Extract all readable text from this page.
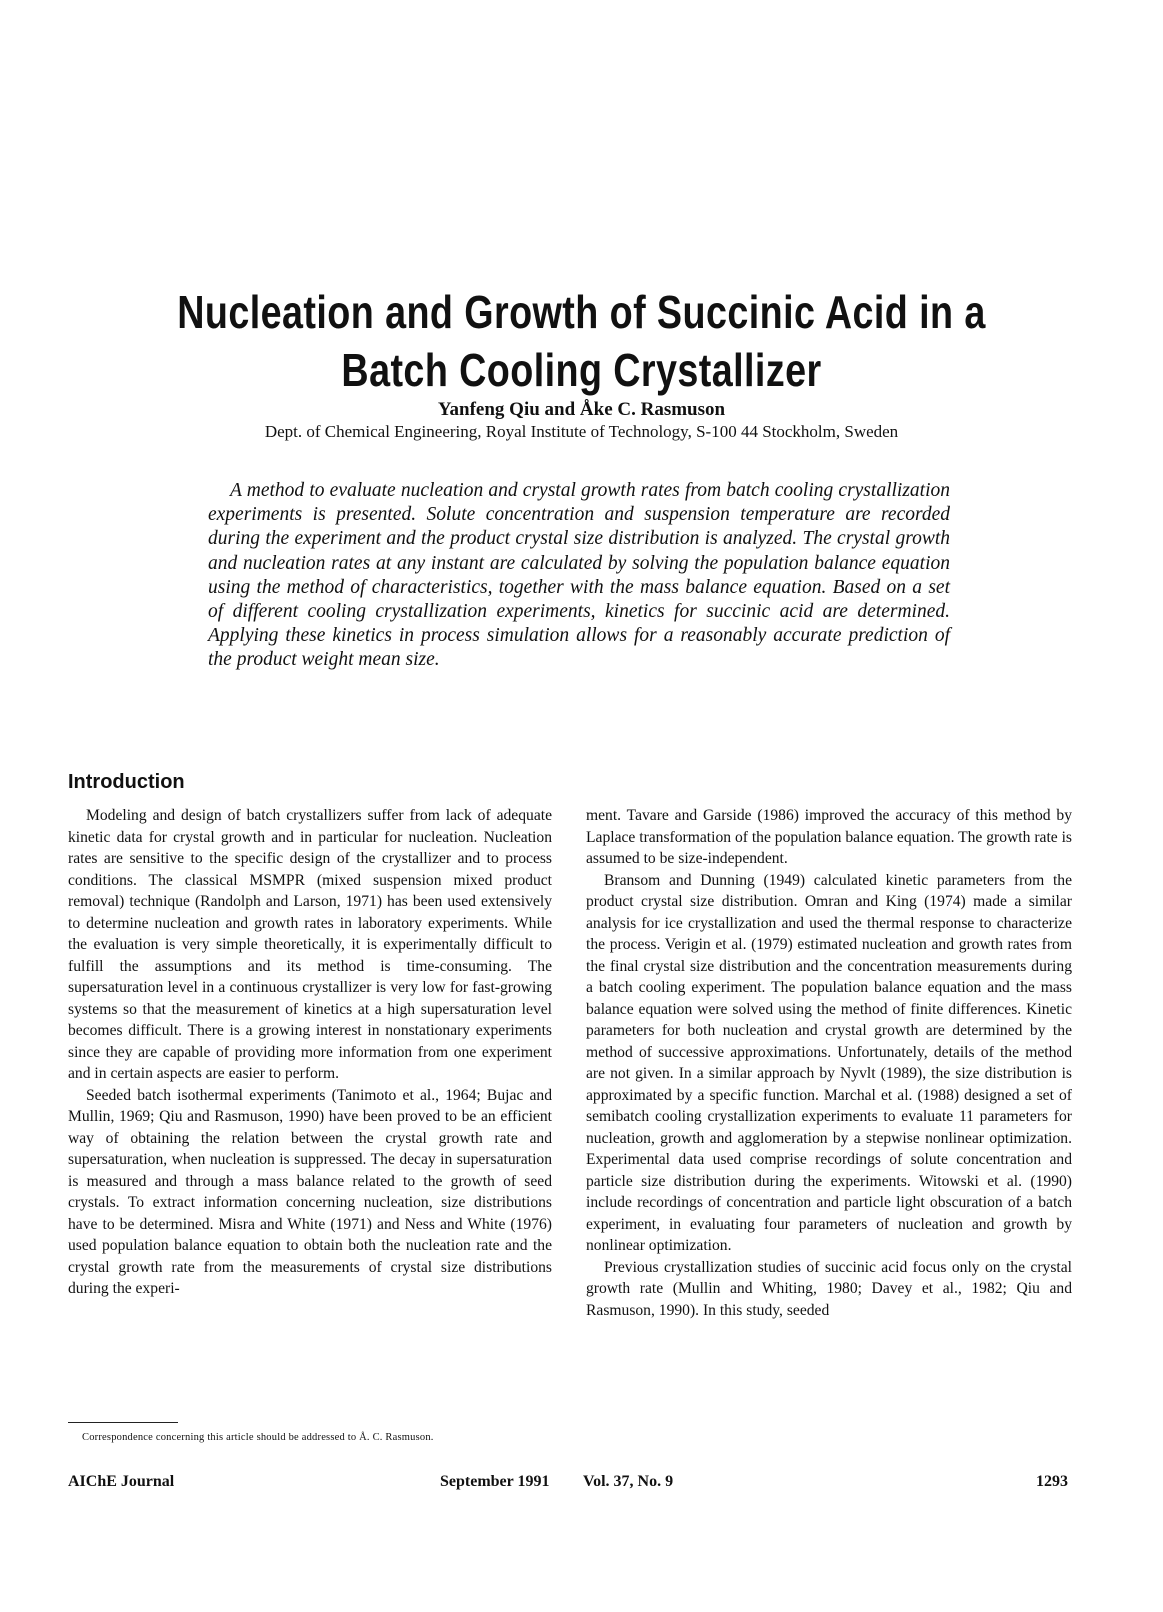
Nucleation and Growth of Succinic Acid in a
Batch Cooling Crystallizer
Yanfeng Qiu and Åke C. Rasmuson
Dept. of Chemical Engineering, Royal Institute of Technology, S-100 44 Stockholm, Sweden
A method to evaluate nucleation and crystal growth rates from batch cooling crystallization experiments is presented. Solute concentration and suspension temperature are recorded during the experiment and the product crystal size distribution is analyzed. The crystal growth and nucleation rates at any instant are calculated by solving the population balance equation using the method of characteristics, together with the mass balance equation. Based on a set of different cooling crystallization experiments, kinetics for succinic acid are determined. Applying these kinetics in process simulation allows for a reasonably accurate prediction of the product weight mean size.
Introduction

Modeling and design of batch crystallizers suffer from lack of adequate kinetic data for crystal growth and in particular for nucleation. Nucleation rates are sensitive to the specific design of the crystallizer and to process conditions. The classical MSMPR (mixed suspension mixed product removal) technique (Randolph and Larson, 1971) has been used extensively to determine nucleation and growth rates in laboratory experiments. While the evaluation is very simple theoretically, it is experimentally difficult to fulfill the assumptions and its method is time-consuming. The supersaturation level in a continuous crystallizer is very low for fast-growing systems so that the measurement of kinetics at a high supersaturation level becomes difficult. There is a growing interest in nonstationary experiments since they are capable of providing more information from one experiment and in certain aspects are easier to perform.

Seeded batch isothermal experiments (Tanimoto et al., 1964; Bujac and Mullin, 1969; Qiu and Rasmuson, 1990) have been proved to be an efficient way of obtaining the relation between the crystal growth rate and supersaturation, when nucleation is suppressed. The decay in supersaturation is measured and through a mass balance related to the growth of seed crystals. To extract information concerning nucleation, size distributions have to be determined. Misra and White (1971) and Ness and White (1976) used population balance equation to obtain both the nucleation rate and the crystal growth rate from the measurements of crystal size distributions during the experi-

ment. Tavare and Garside (1986) improved the accuracy of this method by Laplace transformation of the population balance equation. The growth rate is assumed to be size-independent.

Bransom and Dunning (1949) calculated kinetic parameters from the product crystal size distribution. Omran and King (1974) made a similar analysis for ice crystallization and used the thermal response to characterize the process. Verigin et al. (1979) estimated nucleation and growth rates from the final crystal size distribution and the concentration measurements during a batch cooling experiment. The population balance equation and the mass balance equation were solved using the method of finite differences. Kinetic parameters for both nucleation and crystal growth are determined by the method of successive approximations. Unfortunately, details of the method are not given. In a similar approach by Nyvlt (1989), the size distribution is approximated by a specific function. Marchal et al. (1988) designed a set of semibatch cooling crystallization experiments to evaluate 11 parameters for nucleation, growth and agglomeration by a stepwise nonlinear optimization. Experimental data used comprise recordings of solute concentration and particle size distribution during the experiments. Witowski et al. (1990) include recordings of concentration and particle light obscuration of a batch experiment, in evaluating four parameters of nucleation and growth by nonlinear optimization.

Previous crystallization studies of succinic acid focus only on the crystal growth rate (Mullin and Whiting, 1980; Davey et al., 1982; Qiu and Rasmuson, 1990). In this study, seeded

Correspondence concerning this article should be addressed to Å. C. Rasmuson.
AIChE Journal	September 1991 Vol. 37, No. 9	1293
